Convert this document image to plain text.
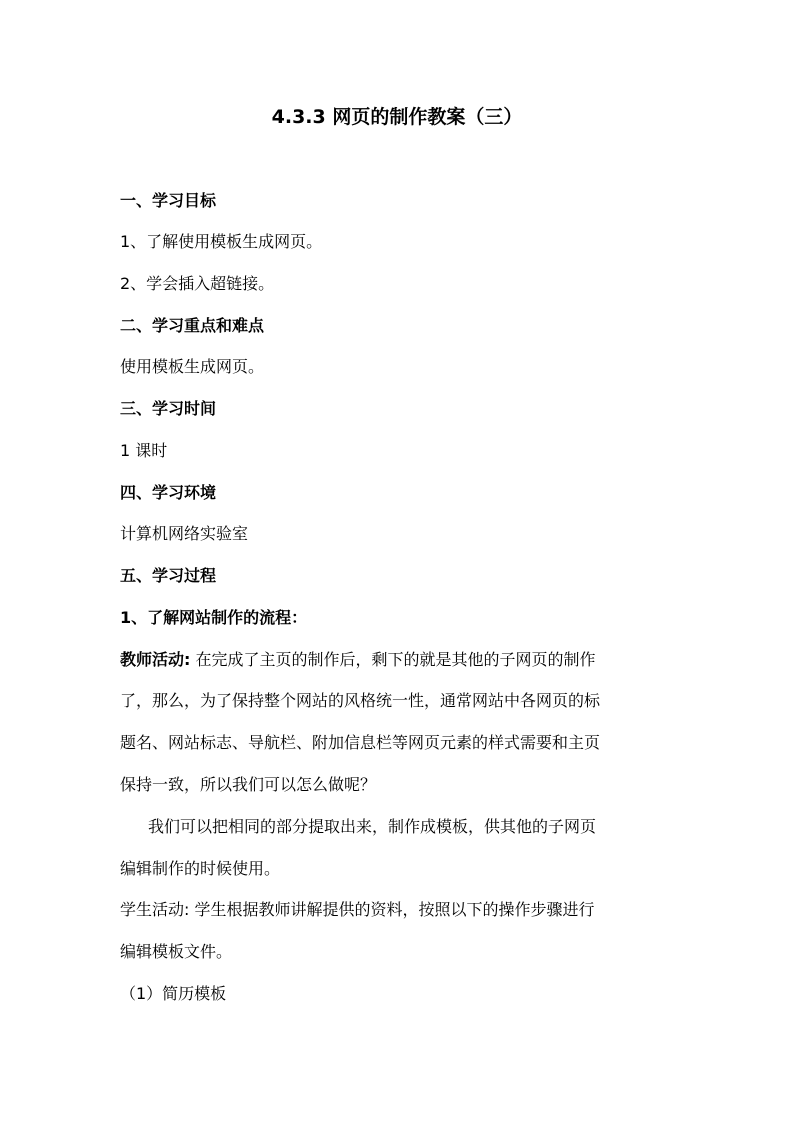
4.3.3 网页的制作教案（三）
一、学习目标
1、了解使用模板生成网页。
2、学会插入超链接。
二、学习重点和难点
使用模板生成网页。
三、学习时间
1 课时
四、学习环境
计算机网络实验室
五、学习过程
1、了解网站制作的流程：
教师活动: 在完成了主页的制作后，剩下的就是其他的子网页的制作
了，那么，为了保持整个网站的风格统一性，通常网站中各网页的标
题名、网站标志、导航栏、附加信息栏等网页元素的样式需要和主页
保持一致，所以我们可以怎么做呢？
我们可以把相同的部分提取出来，制作成模板，供其他的子网页
编辑制作的时候使用。
学生活动: 学生根据教师讲解提供的资料，按照以下的操作步骤进行
编辑模板文件。
（1）简历模板
